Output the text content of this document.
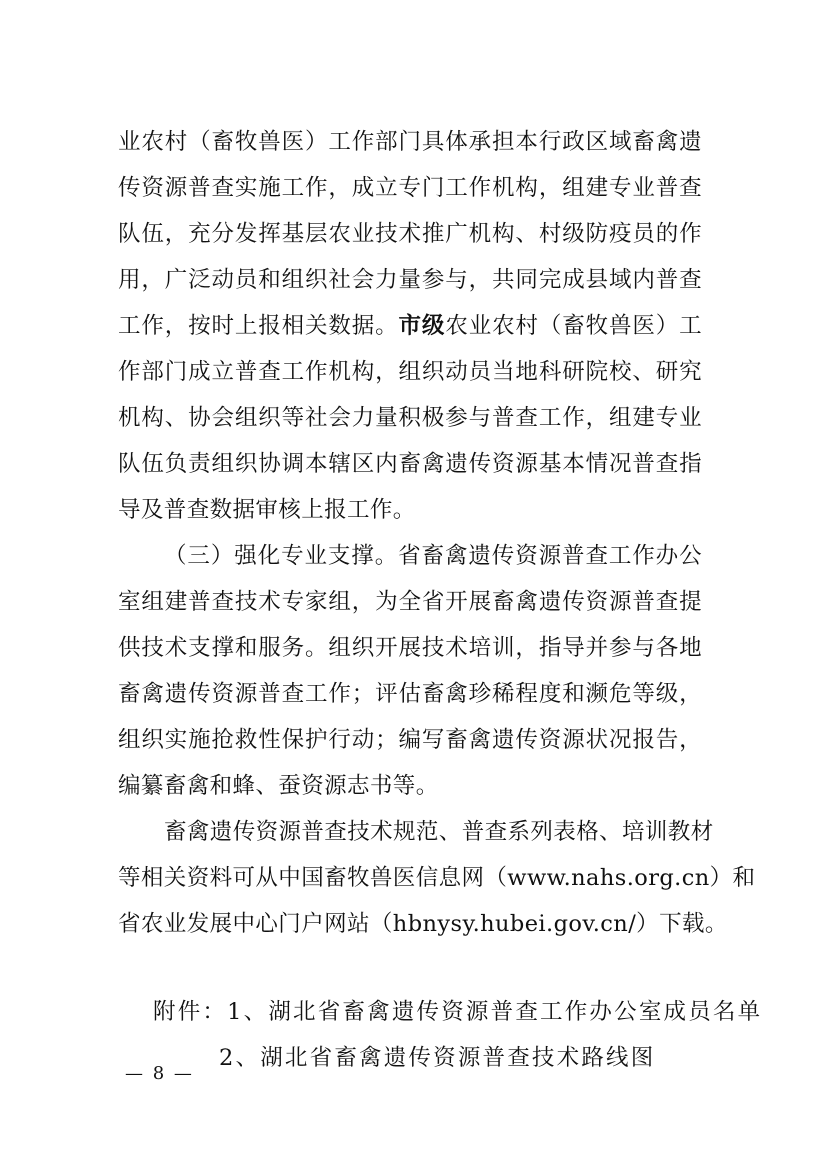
业农村（畜牧兽医）工作部门具体承担本行政区域畜禽遗
传资源普查实施工作，成立专门工作机构，组建专业普查
队伍，充分发挥基层农业技术推广机构、村级防疫员的作
用，广泛动员和组织社会力量参与，共同完成县域内普查
工作，按时上报相关数据。市级农业农村（畜牧兽医）工
作部门成立普查工作机构，组织动员当地科研院校、研究
机构、协会组织等社会力量积极参与普查工作，组建专业
队伍负责组织协调本辖区内畜禽遗传资源基本情况普查指
导及普查数据审核上报工作。
（三）强化专业支撑。省畜禽遗传资源普查工作办公
室组建普查技术专家组，为全省开展畜禽遗传资源普查提
供技术支撑和服务。组织开展技术培训，指导并参与各地
畜禽遗传资源普查工作；评估畜禽珍稀程度和濒危等级，
组织实施抢救性保护行动；编写畜禽遗传资源状况报告，
编纂畜禽和蜂、蚕资源志书等。
畜禽遗传资源普查技术规范、普查系列表格、培训教材
等相关资料可从中国畜牧兽医信息网（www.nahs.org.cn）和
省农业发展中心门户网站（hbnysy.hubei.gov.cn/）下载。
附件：1、湖北省畜禽遗传资源普查工作办公室成员名单
2、湖北省畜禽遗传资源普查技术路线图
— 8 —
